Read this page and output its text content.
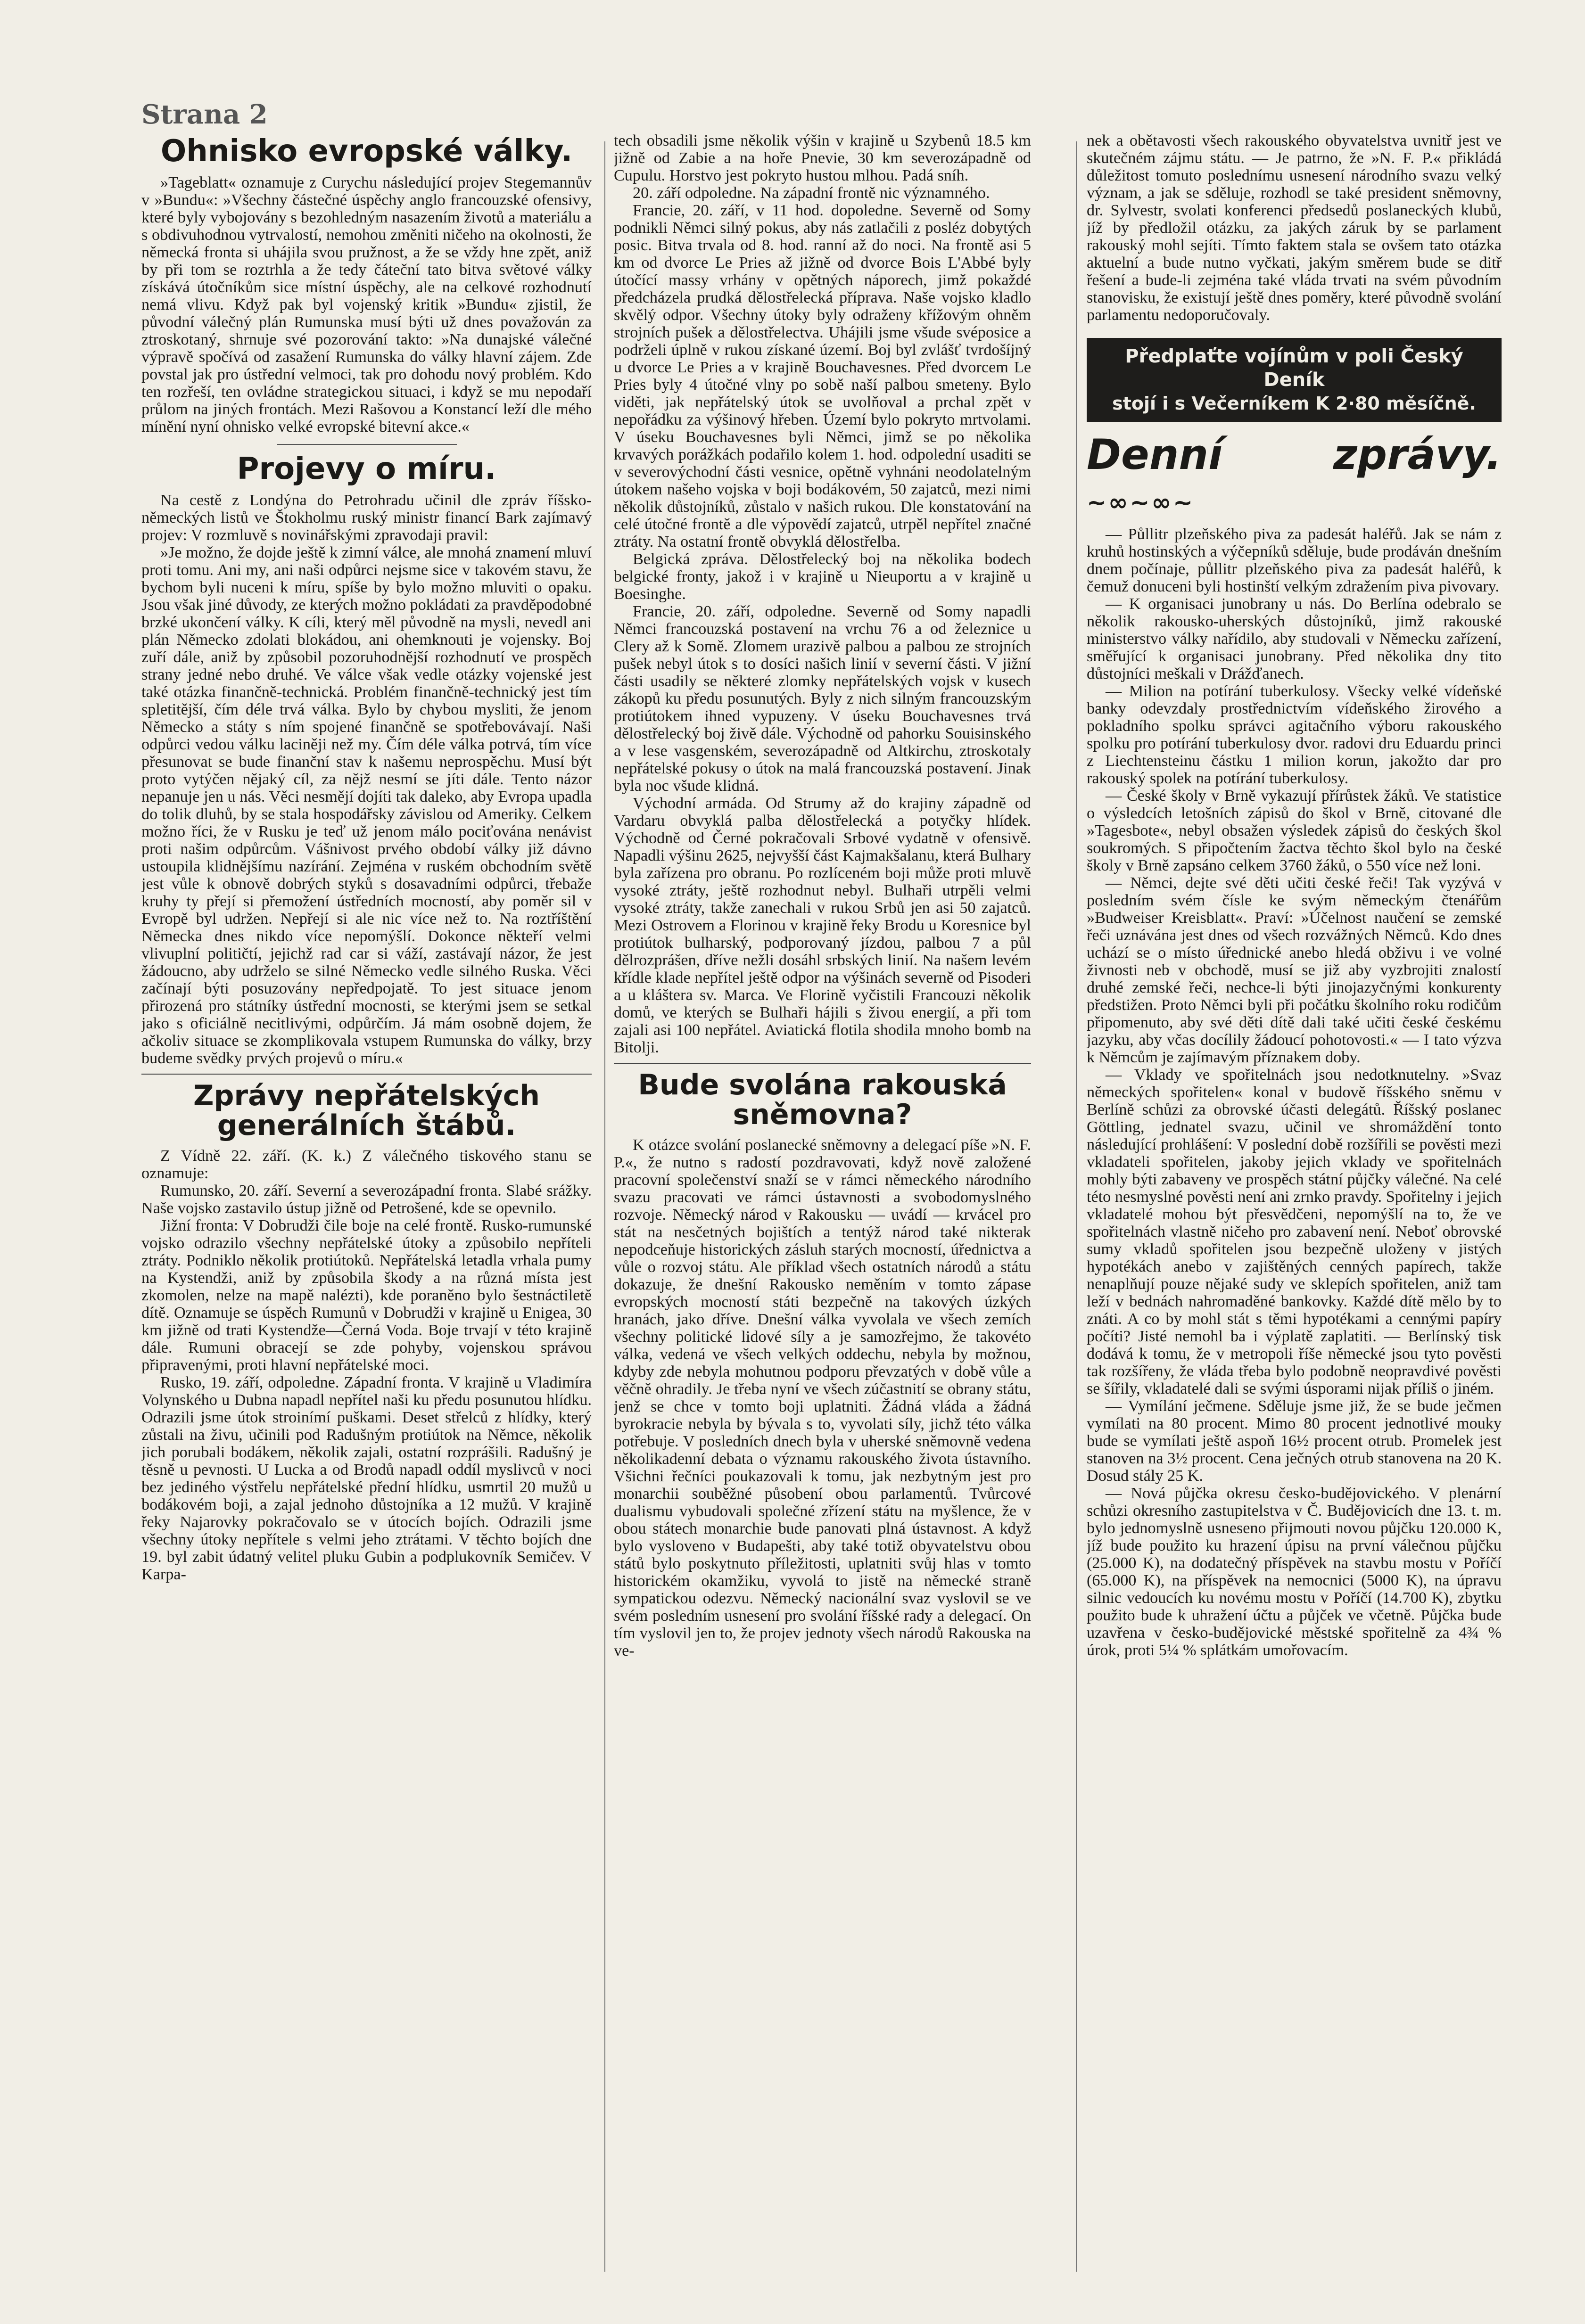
Strana 2
Ohnisko evropské války.

»Tageblatt« oznamuje z Curychu následující projev Stegemannův v »Bundu«: »Všechny částečné úspěchy anglo francouzské ofensivy, které byly vybojovány s bezohledným nasazením životů a materiálu a s obdivuhodnou vytrvalostí, nemohou změniti ničeho na okolnosti, že německá fronta si uhájila svou pružnost, a že se vždy hne zpět, aniž by při tom se roztrhla a že tedy čáteční tato bitva světové války získává útočníkům sice místní úspěchy, ale na celkové rozhodnutí nemá vlivu. Když pak byl vojenský kritik »Bundu« zjistil, že původní válečný plán Rumunska musí býti už dnes považován za ztroskotaný, shrnuje své pozorování takto: »Na dunajské válečné výpravě spočívá od zasažení Rumunska do války hlavní zájem. Zde povstal jak pro ústřední velmoci, tak pro dohodu nový problém. Kdo ten rozřeší, ten ovládne strategickou situaci, i když se mu nepodaří průlom na jiných frontách. Mezi Rašovou a Konstancí leží dle mého mínění nyní ohnisko velké evropské bitevní akce.«

Projevy o míru.

Na cestě z Londýna do Petrohradu učinil dle zpráv říšsko-německých listů ve Štokholmu ruský ministr financí Bark zajímavý projev: V rozmluvě s novinářskými zpravodaji pravil:

»Je možno, že dojde ještě k zimní válce, ale mnohá znamení mluví proti tomu. Ani my, ani naši odpůrci nejsme sice v takovém stavu, že bychom byli nuceni k míru, spíše by bylo možno mluviti o opaku. Jsou však jiné důvody, ze kterých možno pokládati za pravděpodobné brzké ukončení války. K cíli, který měl původně na mysli, nevedl ani plán Německo zdolati blokádou, ani ohemknouti je vojensky. Boj zuří dále, aniž by způsobil pozoruhodnější rozhodnutí ve prospěch strany jedné nebo druhé. Ve válce však vedle otázky vojenské jest také otázka finančně-technická. Problém finančně-technický jest tím spletitější, čím déle trvá válka. Bylo by chybou mysliti, že jenom Německo a státy s ním spojené finančně se spotřebovávají. Naši odpůrci vedou válku laciněji než my. Čím déle válka potrvá, tím více přesunovat se bude finanční stav k našemu neprospěchu. Musí být proto vytýčen nějaký cíl, za nějž nesmí se jíti dále. Tento názor nepanuje jen u nás. Věci nesmějí dojíti tak daleko, aby Evropa upadla do tolik dluhů, by se stala hospodářsky závislou od Ameriky. Celkem možno říci, že v Rusku je teď už jenom málo pociťována nenávist proti našim odpůrcům. Vášnivost prvého období války již dávno ustoupila klidnějšímu nazírání. Zejména v ruském obchodním světě jest vůle k obnově dobrých styků s dosavadními odpůrci, třebaže kruhy ty přejí si přemožení ústředních mocností, aby poměr sil v Evropě byl udržen. Nepřejí si ale nic více než to. Na roztříštění Německa dnes nikdo více nepomýšlí. Dokonce někteří velmi vlivuplní političtí, jejichž rad car si váží, zastávají názor, že jest žádoucno, aby udrželo se silné Německo vedle silného Ruska. Věci začínají býti posuzovány nepředpojatě. To jest situace jenom přirozená pro státníky ústřední mocnosti, se kterými jsem se setkal jako s oficiálně necitlivými, odpůrčím. Já mám osobně dojem, že ačkoliv situace se zkomplikovala vstupem Rumunska do války, brzy budeme svědky prvých projevů o míru.«

Zprávy nepřátelských generálních štábů.

Z Vídně 22. září. (K. k.) Z válečného tiskového stanu se oznamuje:

Rumunsko, 20. září. Severní a severozápadní fronta. Slabé srážky. Naše vojsko zastavilo ústup jižně od Petrošené, kde se opevnilo.

Jižní fronta: V Dobrudži čile boje na celé frontě. Rusko-rumunské vojsko odrazilo všechny nepřátelské útoky a způsobilo nepříteli ztráty. Podniklo několik protiútoků. Nepřátelská letadla vrhala pumy na Kystendži, aniž by způsobila škody a na různá místa jest zkomolen, nelze na mapě nalézti), kde poraněno bylo šestnáctiletě dítě. Oznamuje se úspěch Rumunů v Dobrudži v krajině u Enigea, 30 km jižně od trati Kystendže—Černá Voda. Boje trvají v této krajině dále. Rumuni obracejí se zde pohyby, vojenskou správou připravenými, proti hlavní nepřátelské moci.

Rusko, 19. září, odpoledne. Západní fronta. V krajině u Vladimíra Volynského u Dubna napadl nepřítel naši ku předu posunutou hlídku. Odrazili jsme útok stroinímí puškami. Deset střelců z hlídky, který zůstali na živu, učinili pod Radušným protiútok na Němce, několik jich porubali bodákem, několik zajali, ostatní rozprášili. Radušný je těsně u pevnosti. U Lucka a od Brodů napadl oddíl myslivců v noci bez jediného výstřelu nepřátelské přední hlídku, usmrtil 20 mužů u bodákovém boji, a zajal jednoho důstojníka a 12 mužů. V krajině řeky Najarovky pokračovalo se v útocích bojích. Odrazili jsme všechny útoky nepřítele s velmi jeho ztrátami. V těchto bojích dne 19. byl zabit údatný velitel pluku Gubin a podplukovník Semičev. V Karpa-

tech obsadili jsme několik výšin v krajině u Szybenů 18.5 km jižně od Zabie a na hoře Pnevie, 30 km severozápadně od Cupulu. Horstvo jest pokryto hustou mlhou. Padá sníh.

20. září odpoledne. Na západní frontě nic významného.

Francie, 20. září, v 11 hod. dopoledne. Severně od Somy podnikli Němci silný pokus, aby nás zatlačili z posléz dobytých posic. Bitva trvala od 8. hod. ranní až do noci. Na frontě asi 5 km od dvorce Le Pries až jižně od dvorce Bois L'Abbé byly útočící massy vrhány v opětných náporech, jimž pokaždé předcházela prudká dělostřelecká příprava. Naše vojsko kladlo skvělý odpor. Všechny útoky byly odraženy křížovým ohněm strojních pušek a dělostřelectva. Uhájili jsme všude svéposice a podrželi úplně v rukou získané území. Boj byl zvlášť tvrdošíjný u dvorce Le Pries a v krajině Bouchavesnes. Před dvorcem Le Pries byly 4 útočné vlny po sobě naší palbou smeteny. Bylo viděti, jak nepřátelský útok se uvolňoval a prchal zpět v nepořádku za výšinový hřeben. Území bylo pokryto mrtvolami. V úseku Bouchavesnes byli Němci, jimž se po několika krvavých porážkách podařilo kolem 1. hod. odpolední usaditi se v severovýchodní části vesnice, opětně vyhnáni neodolatelným útokem našeho vojska v boji bodákovém, 50 zajatců, mezi nimi několik důstojníků, zůstalo v našich rukou. Dle konstatování na celé útočné frontě a dle výpovědí zajatců, utrpěl nepřítel značné ztráty. Na ostatní frontě obvyklá dělostřelba.

Belgická zpráva. Dělostřelecký boj na několika bodech belgické fronty, jakož i v krajině u Nieuportu a v krajině u Boesinghe.

Francie, 20. září, odpoledne. Severně od Somy napadli Němci francouzská postavení na vrchu 76 a od železnice u Clery až k Somě. Zlomem urazivě palbou a palbou ze strojních pušek nebyl útok s to dosíci našich linií v severní části. V jižní části usadily se některé zlomky nepřátelských vojsk v kusech zákopů ku předu posunutých. Byly z nich silným francouzským protiútokem ihned vypuzeny. V úseku Bouchavesnes trvá dělostřelecký boj živě dále. Východně od pahorku Souisinského a v lese vasgenském, severozápadně od Altkirchu, ztroskotaly nepřátelské pokusy o útok na malá francouzská postavení. Jinak byla noc všude klidná.

Východní armáda. Od Strumy až do krajiny západně od Vardaru obvyklá palba dělostřelecká a potyčky hlídek. Východně od Černé pokračovali Srbové vydatně v ofensivě. Napadli výšinu 2625, nejvyšší část Kajmakšalanu, která Bulhary byla zařízena pro obranu. Po rozlíceném boji může proti mluvě vysoké ztráty, ještě rozhodnut nebyl. Bulhaři utrpěli velmi vysoké ztráty, takže zanechali v rukou Srbů jen asi 50 zajatců. Mezi Ostrovem a Florinou v krajině řeky Brodu u Koresnice byl protiútok bulharský, podporovaný jízdou, palbou 7 a půl dělrozprášen, dříve nežli dosáhl srbských linií. Na našem levém křídle klade nepřítel ještě odpor na výšinách severně od Pisoderi a u kláštera sv. Marca. Ve Florině vyčistili Francouzi několik domů, ve kterých se Bulhaři hájili s živou energií, a při tom zajali asi 100 nepřátel. Aviatická flotila shodila mnoho bomb na Bitolji.

Bude svolána rakouská sněmovna?

K otázce svolání poslanecké sněmovny a delegací píše »N. F. P.«, že nutno s radostí pozdravovati, když nově založené pracovní společenství snaží se v rámci německého národního svazu pracovati ve rámci ústavnosti a svobodomyslného rozvoje. Německý národ v Rakousku — uvádí — krvácel pro stát na nesčetných bojištích a tentýž národ také nikterak nepodceňuje historických zásluh starých mocností, úřednictva a vůle o rozvoj státu. Ale příklad všech ostatních národů a státu dokazuje, že dnešní Rakousko neměním v tomto zápase evropských mocností státi bezpečně na takových úzkých hranách, jako dříve. Dnešní válka vyvolala ve všech zemích všechny politické lidové síly a je samozřejmo, že takovéto válka, vedená ve všech velkých oddechu, nebyla by možnou, kdyby zde nebyla mohutnou podporu převzatých v době vůle a věčně ohradily. Je třeba nyní ve všech zúčastnití se obrany státu, jenž se chce v tomto boji uplatniti. Žádná vláda a žádná byrokracie nebyla by bývala s to, vyvolati síly, jichž této válka potřebuje. V posledních dnech byla v uherské sněmovně vedena několikadenní debata o významu rakouského života ústavního. Všichni řečníci poukazovali k tomu, jak nezbytným jest pro monarchii souběžné působení obou parlamentů. Tvůrcové dualismu vybudovali společné zřízení státu na myšlence, že v obou státech monarchie bude panovati plná ústavnost. A když bylo vysloveno v Budapešti, aby také totiž obyvatelstvu obou států bylo poskytnuto příležitosti, uplatniti svůj hlas v tomto historickém okamžiku, vyvolá to jistě na německé straně sympatickou odezvu. Německý nacionální svaz vyslovil se ve svém posledním usnesení pro svolání říšské rady a delegací. On tím vyslovil jen to, že projev jednoty všech národů Rakouska na ve-

nek a obětavosti všech rakouského obyvatelstva uvnitř jest ve skutečném zájmu státu. — Je patrno, že »N. F. P.« přikládá důležitost tomuto poslednímu usnesení národního svazu velký význam, a jak se sděluje, rozhodl se také president sněmovny, dr. Sylvestr, svolati konferenci předsedů poslaneckých klubů, jíž by předložil otázku, za jakých záruk by se parlament rakouský mohl sejíti. Tímto faktem stala se ovšem tato otázka aktuelní a bude nutno vyčkati, jakým směrem bude se ditř řešení a bude-li zejména také vláda trvati na svém původním stanovisku, že existují ještě dnes poměry, které původně svolání parlamentu nedoporučovaly.

Předplaťte vojínům v poli Český Deník
stojí i s Večerníkem K 2·80 měsíčně.
Denní zprávy. ~∞~∞~

— Půllitr plzeňského piva za padesát haléřů. Jak se nám z kruhů hostinských a výčepníků sděluje, bude prodáván dnešním dnem počínaje, půllitr plzeňského piva za padesát haléřů, k čemuž donuceni byli hostinští velkým zdražením piva pivovary.

— K organisaci junobrany u nás. Do Berlína odebralo se několik rakousko-uherských důstojníků, jimž rakouské ministerstvo války nařídilo, aby studovali v Německu zařízení, směřující k organisaci junobrany. Před několika dny tito důstojníci meškali v Drážďanech.

— Milion na potírání tuberkulosy. Všecky velké vídeňské banky odevzdaly prostřednictvím vídeňského žirového a pokladního spolku správci agitačního výboru rakouského spolku pro potírání tuberkulosy dvor. radovi dru Eduardu princi z Liechtensteinu částku 1 milion korun, jakožto dar pro rakouský spolek na potírání tuberkulosy.

— České školy v Brně vykazují přírůstek žáků. Ve statistice o výsledcích letošních zápisů do škol v Brně, citované dle »Tagesbote«, nebyl obsažen výsledek zápisů do českých škol soukromých. S připočtením žactva těchto škol bylo na české školy v Brně zapsáno celkem 3760 žáků, o 550 více než loni.

— Němci, dejte své děti učiti české řeči! Tak vyzývá v posledním svém čísle ke svým německým čtenářům »Budweiser Kreisblatt«. Praví: »Účelnost naučení se zemské řeči uznávána jest dnes od všech rozvážných Němců. Kdo dnes uchází se o místo úřednické anebo hledá obživu i ve volné živnosti neb v obchodě, musí se již aby vyzbrojiti znalostí druhé zemské řeči, nechce-li býti jinojazyčnými konkurenty předstižen. Proto Němci byli při počátku školního roku rodičům připomenuto, aby své děti dítě dali také učiti české českému jazyku, aby včas docílily žádoucí pohotovosti.« — I tato výzva k Němcům je zajímavým příznakem doby.

— Vklady ve spořitelnách jsou nedotknutelny. »Svaz německých spořitelen« konal v budově říšského sněmu v Berlíně schůzi za obrovské účasti delegátů. Říšský poslanec Göttling, jednatel svazu, učinil ve shromáždění tonto následující prohlášení: V poslední době rozšířili se pověsti mezi vkladateli spořitelen, jakoby jejich vklady ve spořitelnách mohly býti zabaveny ve prospěch státní půjčky válečné. Na celé této nesmyslné pověsti není ani zrnko pravdy. Spořitelny i jejich vkladatelé mohou být přesvědčeni, nepomýšlí na to, že ve spořitelnách vlastně ničeho pro zabavení není. Neboť obrovské sumy vkladů spořitelen jsou bezpečně uloženy v jistých hypotékách anebo v zajištěných cenných papírech, takže nenaplňují pouze nějaké sudy ve sklepích spořitelen, aniž tam leží v bednách nahromaděné bankovky. Každé dítě mělo by to znáti. A co by mohl stát s těmi hypotékami a cennými papíry počíti? Jisté nemohl ba i výplatě zaplatiti. — Berlínský tisk dodává k tomu, že v metropoli říše německé jsou tyto pověsti tak rozšířeny, že vláda třeba bylo podobně neopravdivé pověsti se šířily, vkladatelé dali se svými úsporami nijak příliš o jiném.

— Vymílání ječmene. Sděluje jsme již, že se bude ječmen vymílati na 80 procent. Mimo 80 procent jednotlivé mouky bude se vymílati ještě aspoň 16½ procent otrub. Promelek jest stanoven na 3½ procent. Cena ječných otrub stanovena na 20 K. Dosud stály 25 K.

— Nová půjčka okresu česko-budějovického. V plenární schůzi okresního zastupitelstva v Č. Budějovicích dne 13. t. m. bylo jednomyslně usneseno přijmouti novou půjčku 120.000 K, jíž bude použito ku hrazení úpisu na první válečnou půjčku (25.000 K), na dodatečný příspěvek na stavbu mostu v Poříčí (65.000 K), na příspěvek na nemocnici (5000 K), na úpravu silnic vedoucích ku novému mostu v Poříčí (14.700 K), zbytku použito bude k uhražení účtu a půjček ve včetně. Půjčka bude uzavřena v česko-budějovické městské spořitelně za 4¾ % úrok, proti 5¼ % splátkám umořovacím.
